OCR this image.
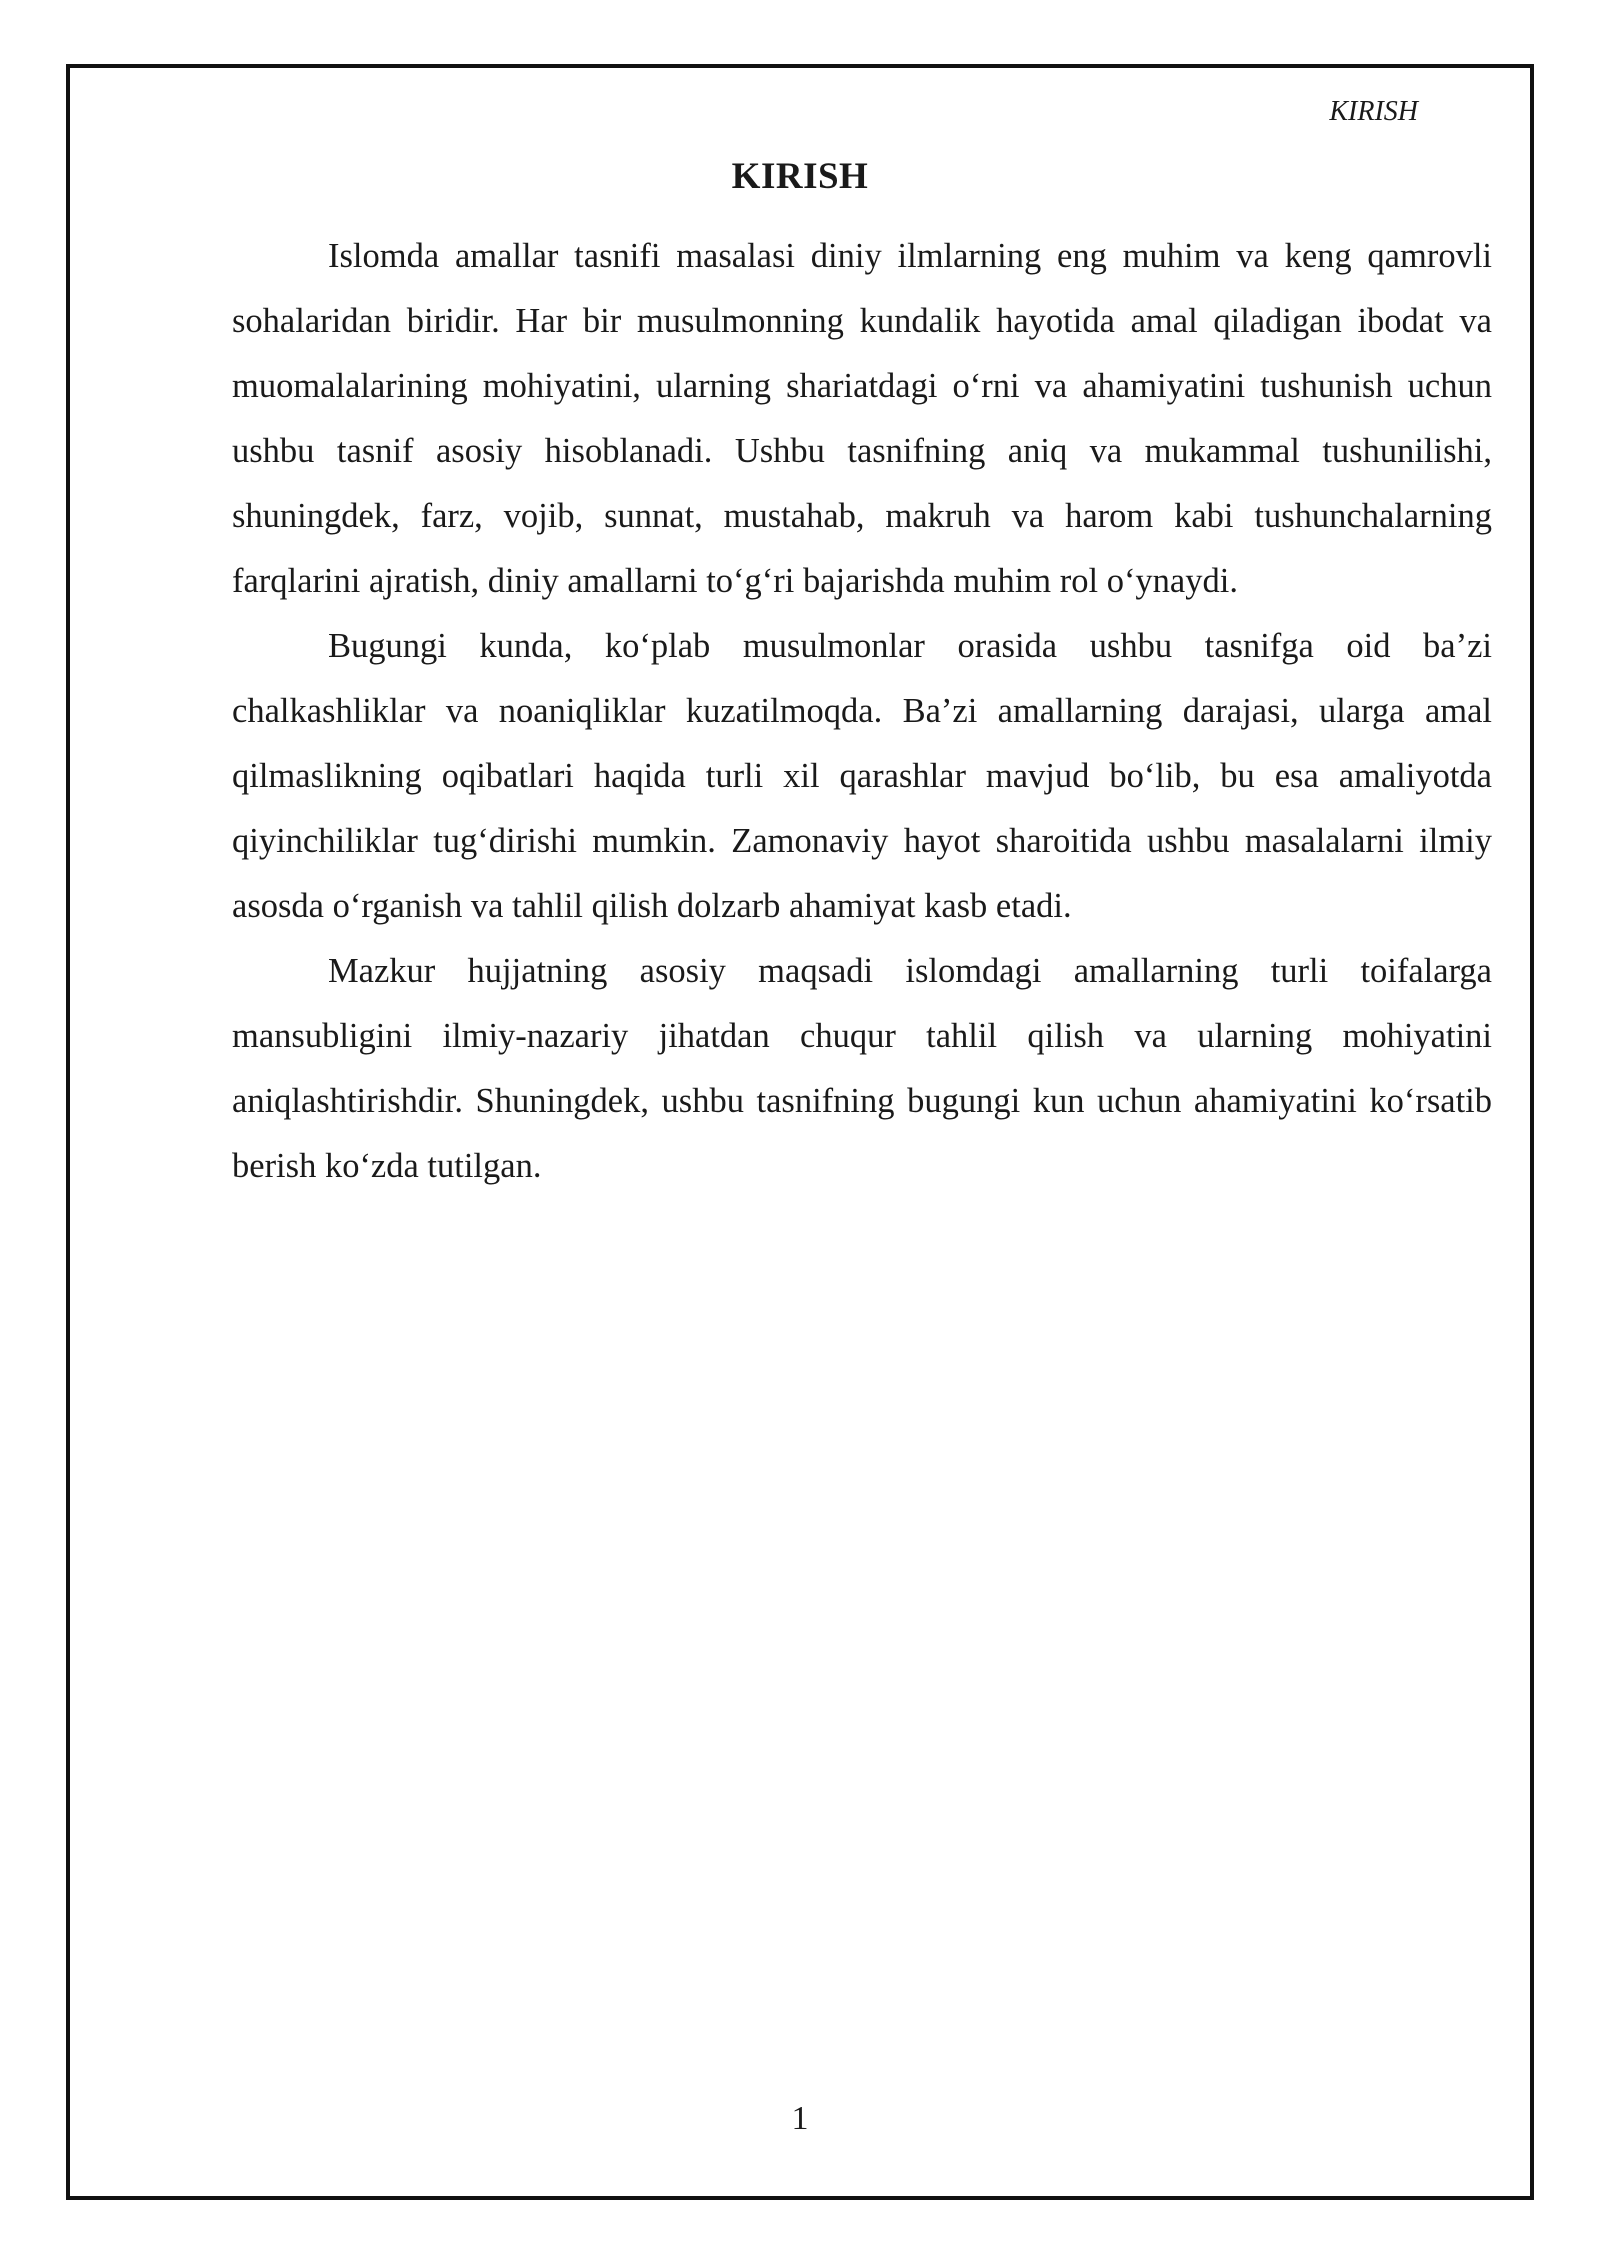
KIRISH
KIRISH

Islomda amallar tasnifi masalasi diniy ilmlarning eng muhim va keng qamrovli sohalaridan biridir. Har bir musulmonning kundalik hayotida amal qiladigan ibodat va muomalalarining mohiyatini, ularning shariatdagi o‘rni va ahamiyatini tushunish uchun ushbu tasnif asosiy hisoblanadi. Ushbu tasnifning aniq va mukammal tushunilishi, shuningdek, farz, vojib, sunnat, mustahab, makruh va harom kabi tushunchalarning farqlarini ajratish, diniy amallarni to‘g‘ri bajarishda muhim rol o‘ynaydi.

Bugungi kunda, ko‘plab musulmonlar orasida ushbu tasnifga oid ba’zi chalkashliklar va noaniqliklar kuzatilmoqda. Ba’zi amallarning darajasi, ularga amal qilmaslikning oqibatlari haqida turli xil qarashlar mavjud bo‘lib, bu esa amaliyotda qiyinchiliklar tug‘dirishi mumkin. Zamonaviy hayot sharoitida ushbu masalalarni ilmiy asosda o‘rganish va tahlil qilish dolzarb ahamiyat kasb etadi.

Mazkur hujjatning asosiy maqsadi islomdagi amallarning turli toifalarga mansubligini ilmiy-nazariy jihatdan chuqur tahlil qilish va ularning mohiyatini aniqlashtirishdir. Shuningdek, ushbu tasnifning bugungi kun uchun ahamiyatini ko‘rsatib berish ko‘zda tutilgan.

1
